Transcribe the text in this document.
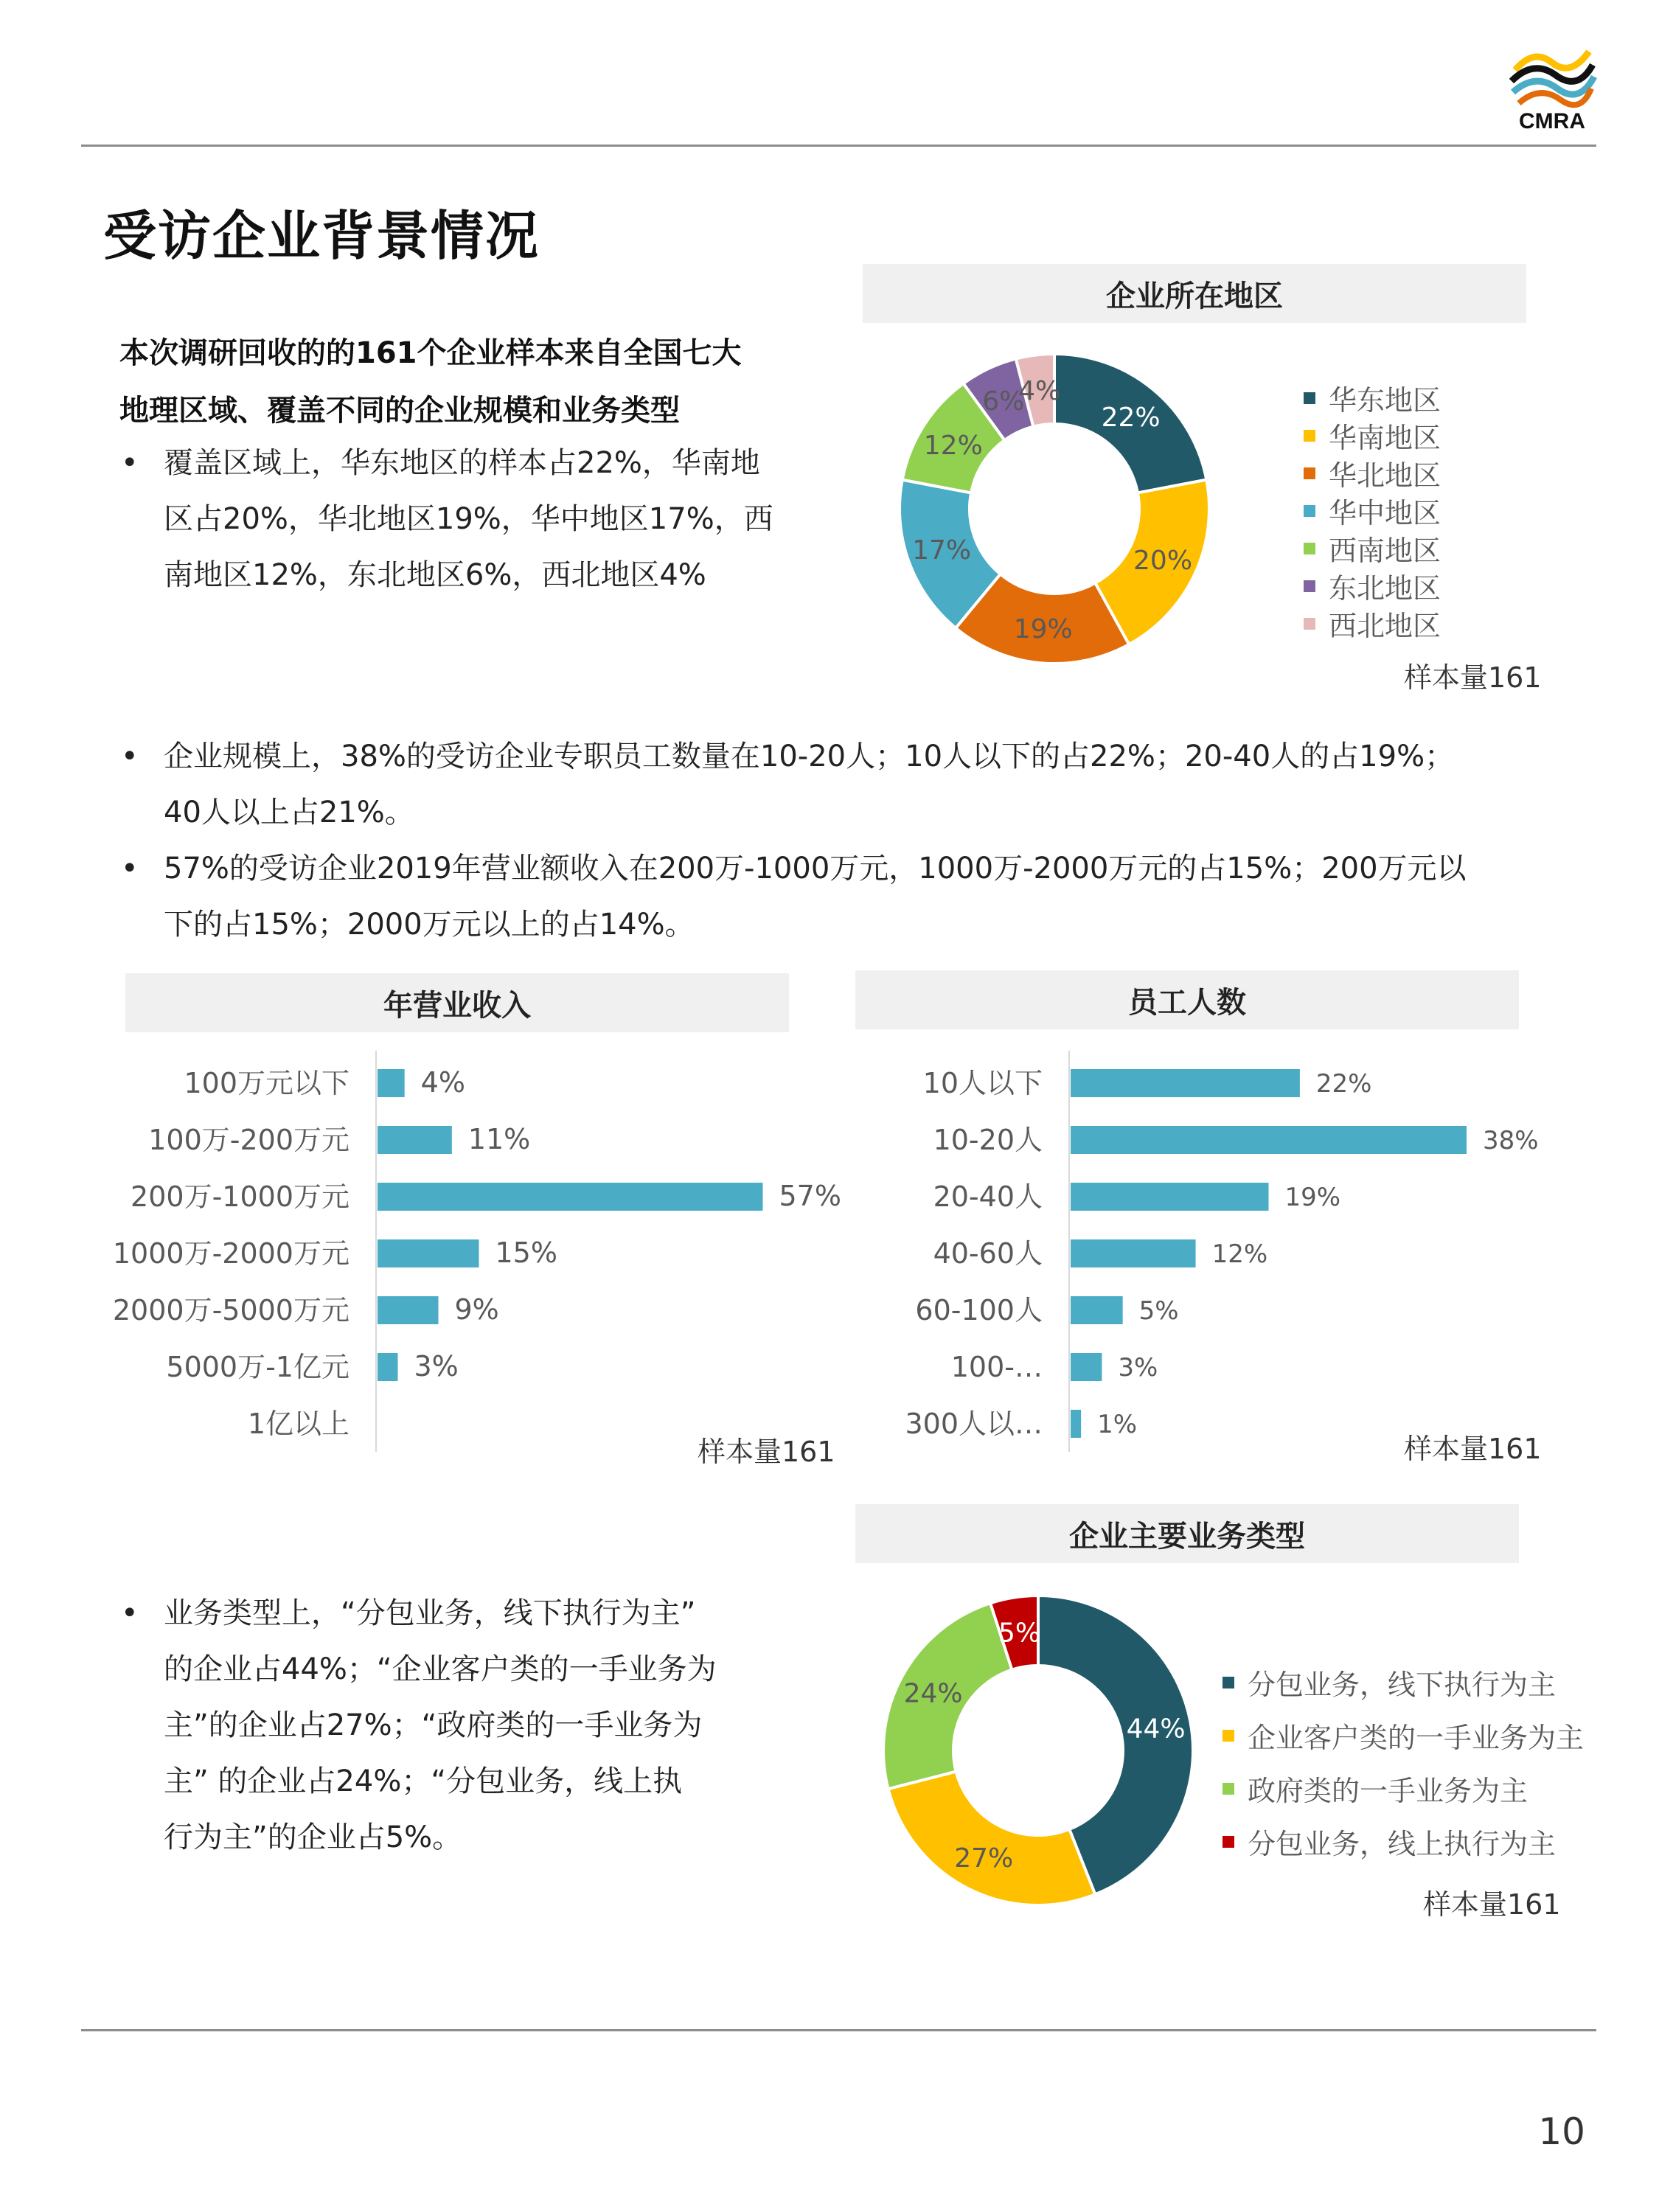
CMRA
受访企业背景情况
本次调研回收的的161个企业样本来自全国七大
地理区域、覆盖不同的企业规模和业务类型
• 覆盖区域上，华东地区的样本占22%，华南地
区占20%，华北地区19%，华中地区17%，西
南地区12%，东北地区6%，西北地区4%
企业所在地区
22%
20%
19%
17%
12%
6%
4%	华东地区
华南地区
华北地区
华中地区
西南地区
东北地区
西北地区
样本量161
• 企业规模上，38%的受访企业专职员工数量在10-20人；10人以下的占22%；20-40人的占19%；
40人以上占21%。
• 57%的受访企业2019年营业额收入在200万-1000万元，1000万-2000万元的占15%；200万元以
下的占15%；2000万元以上的占14%。
年营业收入
100万元以下	4%
100万-200万元	11%
200万-1000万元	57%
1000万-2000万元	15%
2000万-5000万元	9%
5000万-1亿元 3%
1亿以上
样本量161
员工人数
10人以下	22%
10-20人	38%
20-40人	19%
40-60人	12%
60-100人	5%
100-…	3%
300人以… 1%
样本量161
• 业务类型上，“分包业务，线下执行为主”
的企业占44%；“企业客户类的一手业务为
主”的企业占27%；“政府类的一手业务为
主” 的企业占24%；“分包业务，线上执
行为主”的企业占5%。
企业主要业务类型
44%
27%
24%
5%
分包业务，线下执行为主
企业客户类的一手业务为主
政府类的一手业务为主
分包业务，线上执行为主
样本量161
10
